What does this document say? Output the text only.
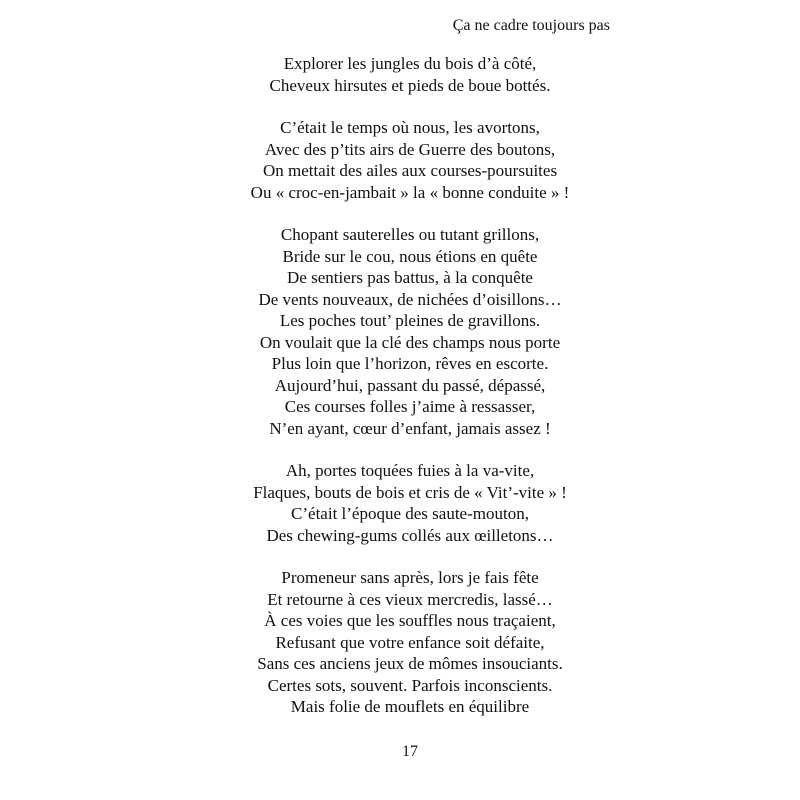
Ça ne cadre toujours pas
Explorer les jungles du bois d’à côté,
Cheveux hirsutes et pieds de boue bottés.
C’était le temps où nous, les avortons,
Avec des p’tits airs de Guerre des boutons,
On mettait des ailes aux courses-poursuites
Ou « croc-en-jambait » la « bonne conduite » !
Chopant sauterelles ou tutant grillons,
Bride sur le cou, nous étions en quête
De sentiers pas battus, à la conquête
De vents nouveaux, de nichées d’oisillons…
Les poches tout’ pleines de gravillons.
On voulait que la clé des champs nous porte
Plus loin que l’horizon, rêves en escorte.
Aujourd’hui, passant du passé, dépassé,
Ces courses folles j’aime à ressasser,
N’en ayant, cœur d’enfant, jamais assez !
Ah, portes toquées fuies à la va-vite,
Flaques, bouts de bois et cris de « Vit’-vite » !
C’était l’époque des saute-mouton,
Des chewing-gums collés aux œilletons…
Promeneur sans après, lors je fais fête
Et retourne à ces vieux mercredis, lassé…
À ces voies que les souffles nous traçaient,
Refusant que votre enfance soit défaite,
Sans ces anciens jeux de mômes insouciants.
Certes sots, souvent. Parfois inconscients.
Mais folie de mouflets en équilibre
17
